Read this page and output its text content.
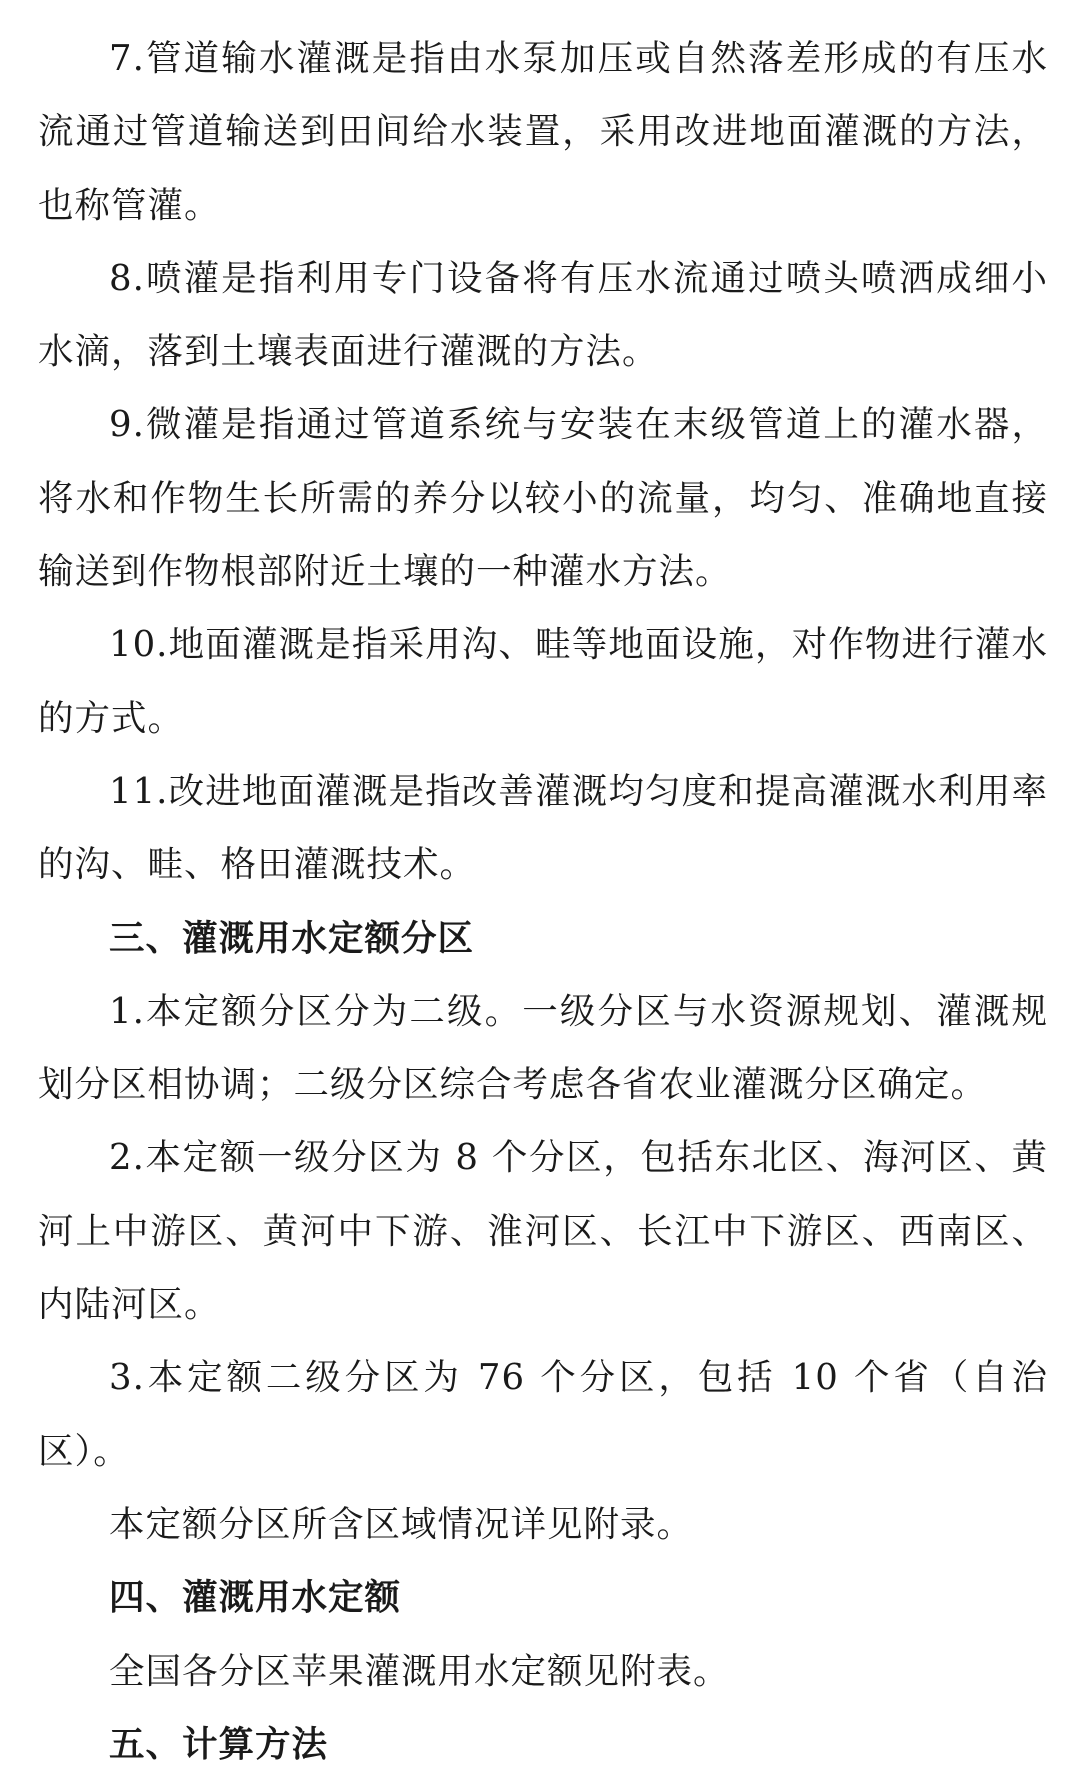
7.管道输水灌溉是指由水泵加压或自然落差形成的有压水流通过管道输送到田间给水装置，采用改进地面灌溉的方法，也称管灌。

8.喷灌是指利用专门设备将有压水流通过喷头喷洒成细小水滴，落到土壤表面进行灌溉的方法。

9.微灌是指通过管道系统与安装在末级管道上的灌水器，将水和作物生长所需的养分以较小的流量，均匀、准确地直接输送到作物根部附近土壤的一种灌水方法。

10.地面灌溉是指采用沟、畦等地面设施，对作物进行灌水的方式。

11.改进地面灌溉是指改善灌溉均匀度和提高灌溉水利用率的沟、畦、格田灌溉技术。

三、灌溉用水定额分区

1.本定额分区分为二级。一级分区与水资源规划、灌溉规划分区相协调；二级分区综合考虑各省农业灌溉分区确定。

2.本定额一级分区为 8 个分区，包括东北区、海河区、黄河上中游区、黄河中下游、淮河区、长江中下游区、西南区、内陆河区。

3.本定额二级分区为 76 个分区，包括 10 个省（自治区）。

本定额分区所含区域情况详见附录。

四、灌溉用水定额

全国各分区苹果灌溉用水定额见附表。

五、计算方法
